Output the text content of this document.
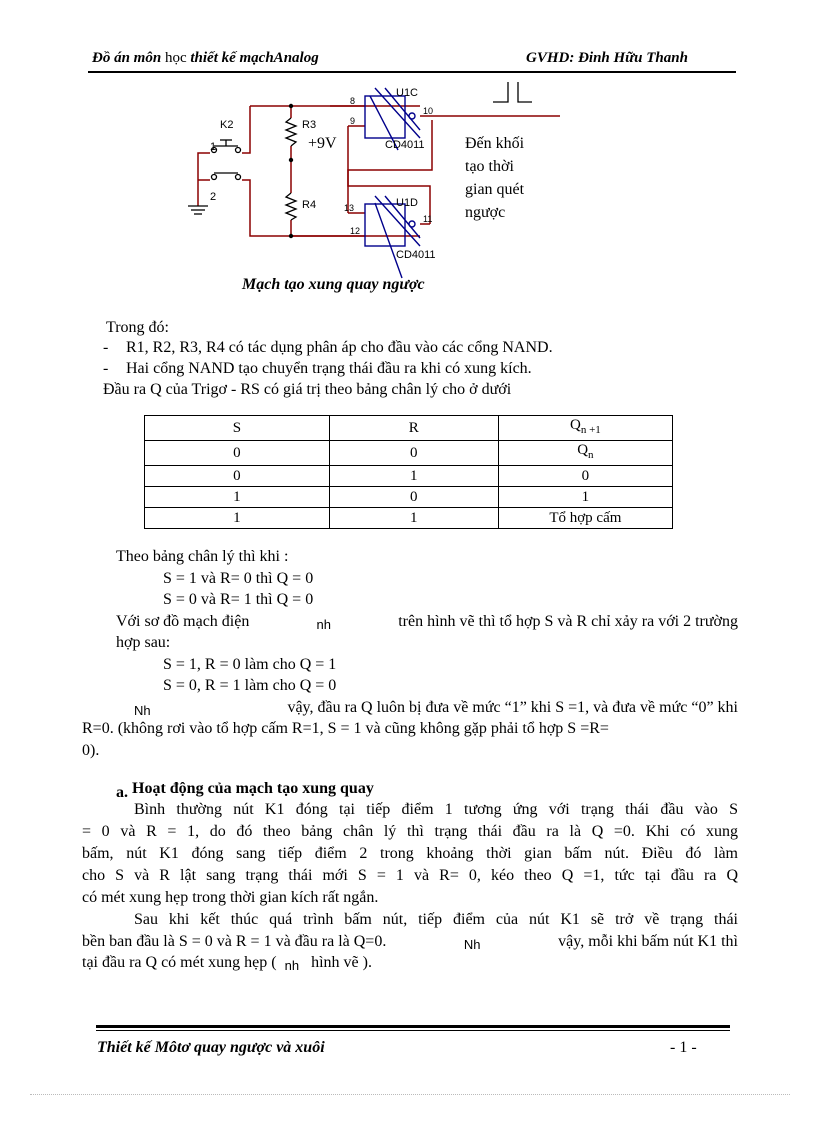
Đồ án môn học thiết kế mạchAnalog	GVHD: Đinh Hữu Thanh
K2
1
2
R3
R4
+9V
U1C
U1D
CD4011
CD4011
8
9
10
11
12
13
Đến khối
tạo thời
gian quét
ngược
Mạch tạo xung quay ngược
Trong đó:
- R1, R2, R3, R4 có tác dụng phân áp cho đầu vào các cổng NAND.
- Hai cổng NAND tạo chuyển trạng thái đầu ra khi có xung kích.
Đầu ra Q của Trigơ - RS có giá trị theo bảng chân lý cho ở dưới
S	R	$Q_{n +1}$
0	0	$Q_n$
0	1	0
1	0	1
1	1	Tổ hợp cấm
Theo bảng chân lý thì khi :
S = 1 và R= 0 thì Q = 0
S = 0 và R= 1 thì Q = 0
Với sơ đồ mạch điện	nh	trên hình vẽ thì tổ hợp S và R chỉ xảy ra với 2 trường
hợp sau:
S = 1, R = 0 làm cho Q = 1
S = 0, R = 1 làm cho Q = 0
Nh	vậy, đầu ra Q luôn bị đưa về mức “1” khi S =1, và đưa về mức “0” khi
R=0. (không rơi vào tổ hợp cấm R=1, S = 1 và cũng không gặp phải tổ hợp S =R=
0).
a. Hoạt động của mạch tạo xung quay
Bình thường nút K1 đóng tại tiếp điểm 1 tương ứng với trạng thái đầu vào S
= 0 và R = 1, do đó theo bảng chân lý thì trạng thái đầu ra là Q =0. Khi có xung
bấm, nút K1 đóng sang tiếp điểm 2 trong khoảng thời gian bấm nút. Điều đó làm
cho S và R lật sang trạng thái mới S = 1 và R= 0, kéo theo Q =1, tức tại đầu ra Q
có mét xung hẹp trong thời gian kích rất ngắn.
Sau khi kết thúc quá trình bấm nút, tiếp điểm của nút K1 sẽ trở về trạng thái
bền ban đầu là S = 0 và R = 1 và đầu ra là Q=0.	Nh	vậy, mỗi khi bấm nút K1 thì
tại đầu ra Q có mét xung hẹp ( nh hình vẽ ).
Thiết kế Môtơ quay ngược và xuôi	- 1 -
